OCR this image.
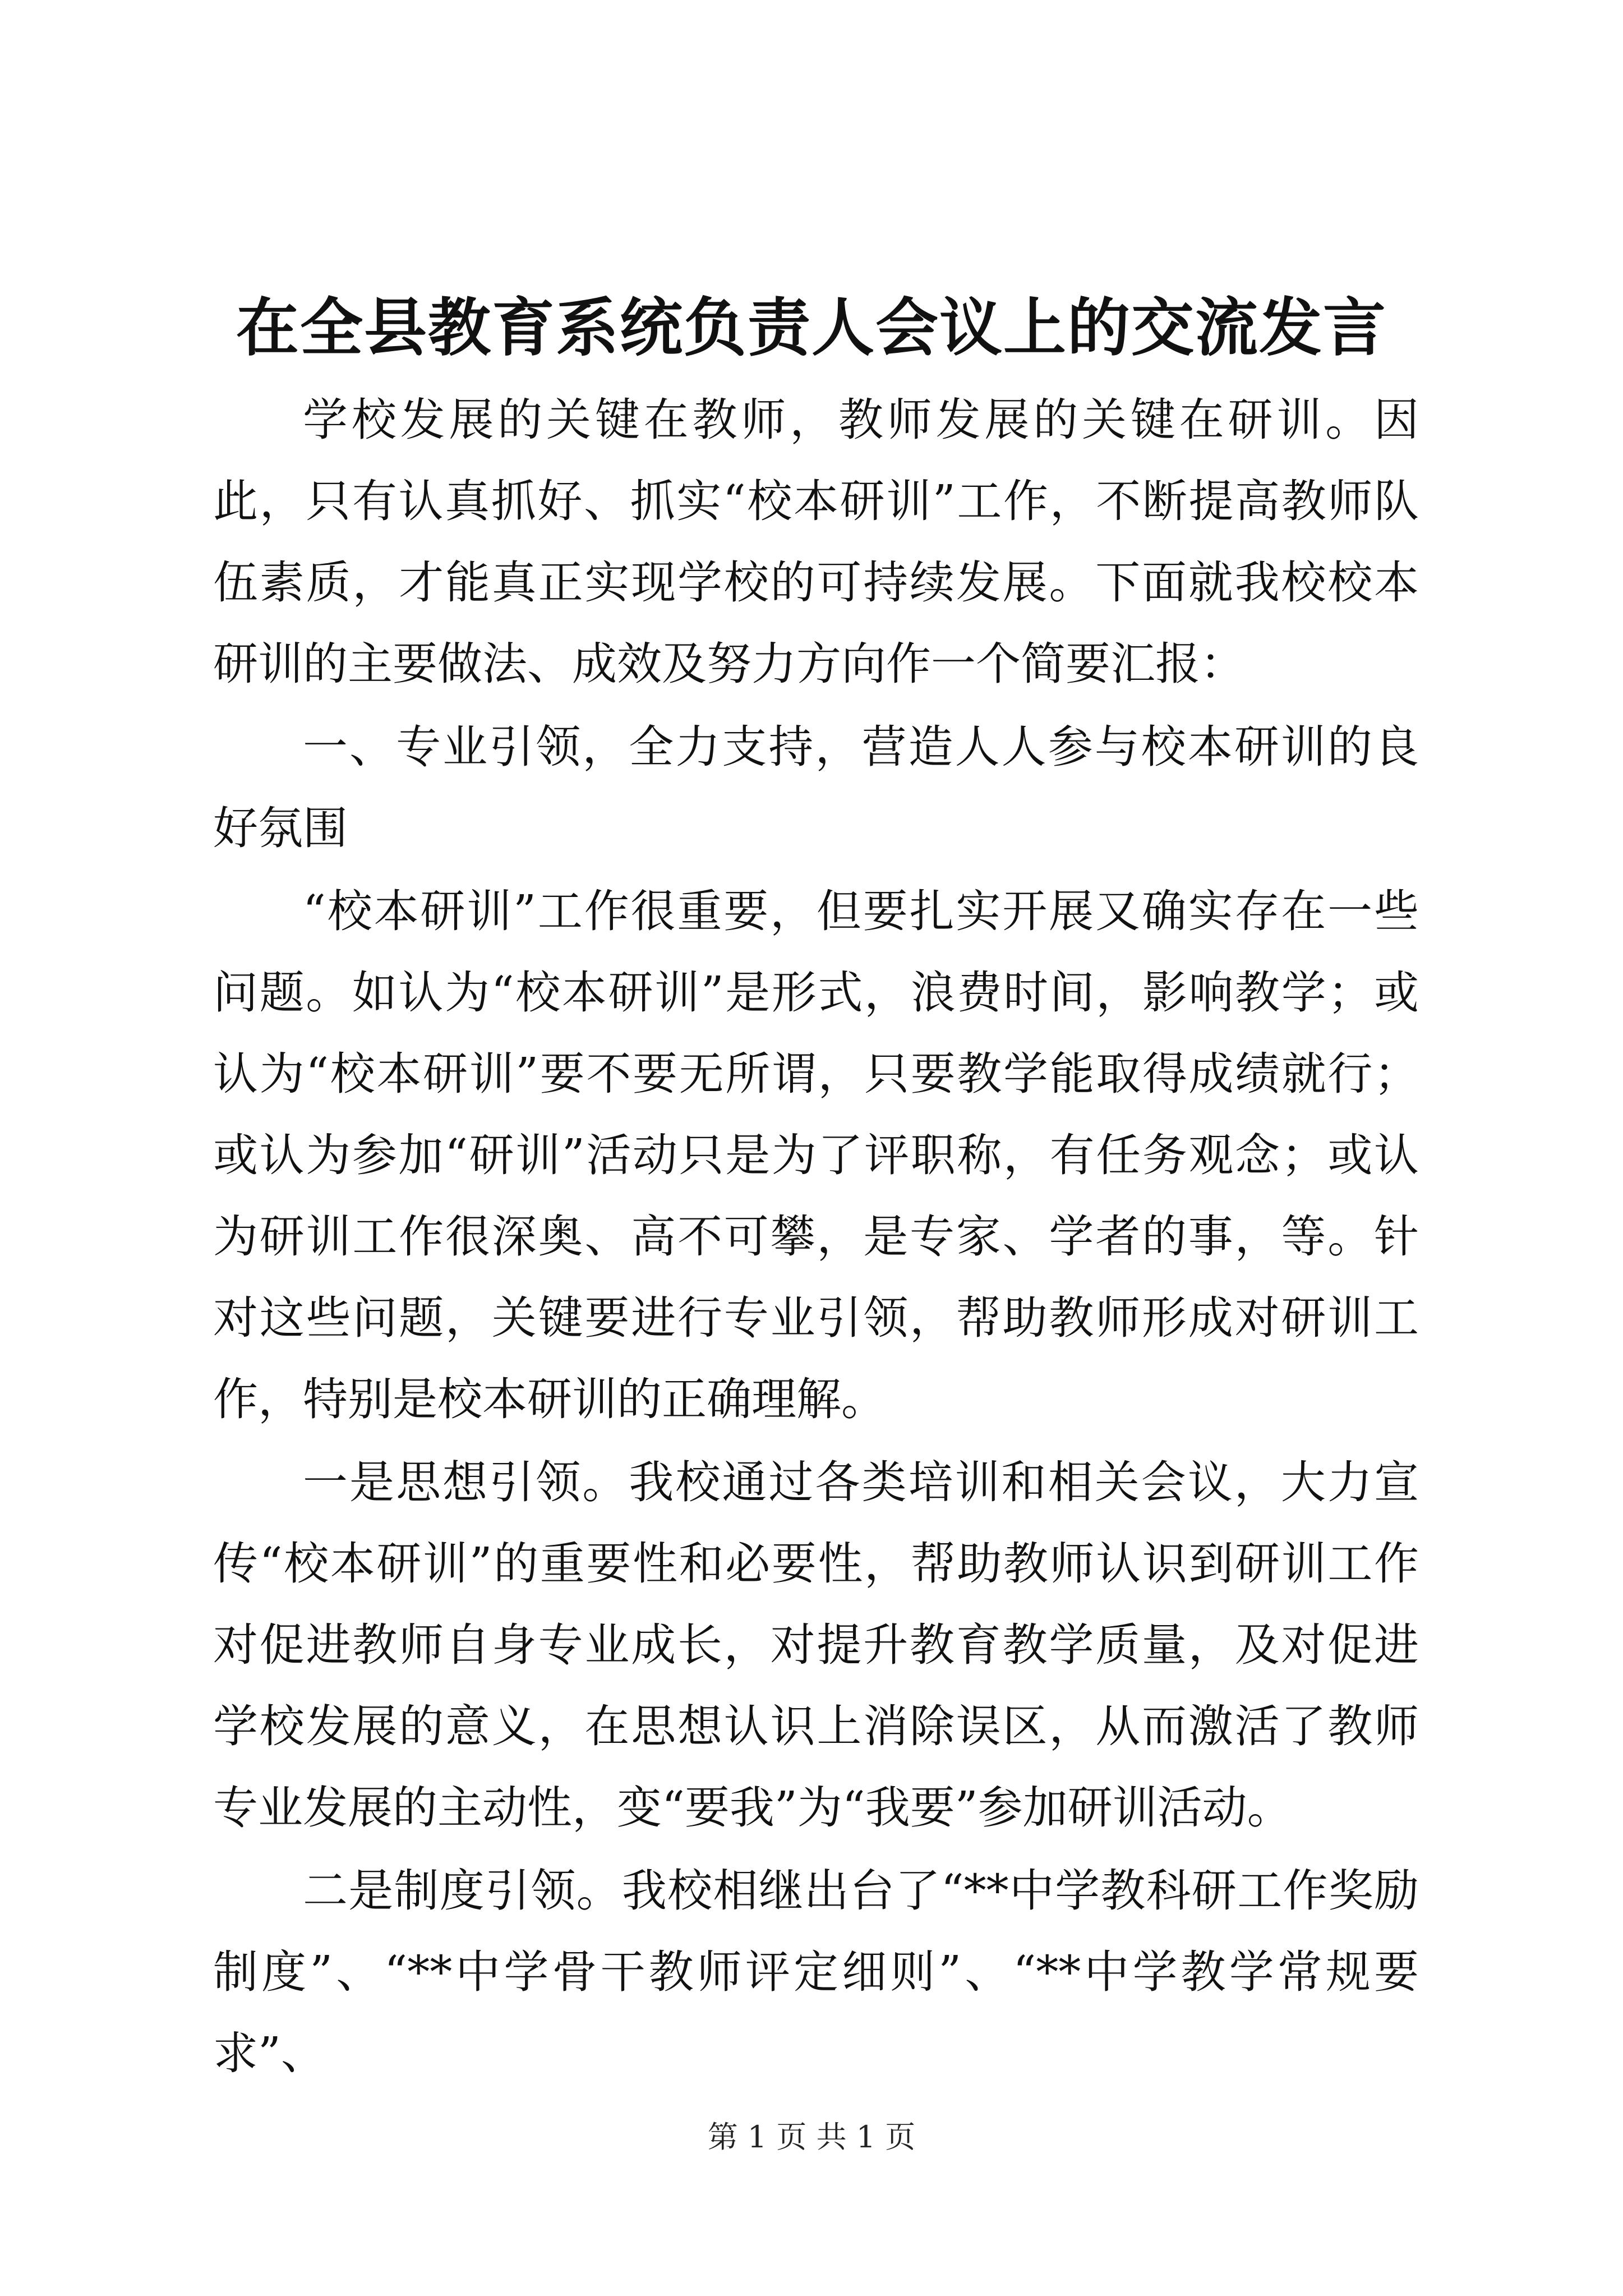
在全县教育系统负责人会议上的交流发言

学校发展的关键在教师，教师发展的关键在研训。因此，只有认真抓好、抓实“校本研训”工作，不断提高教师队伍素质，才能真正实现学校的可持续发展。下面就我校校本研训的主要做法、成效及努力方向作一个简要汇报：

一、专业引领，全力支持，营造人人参与校本研训的良好氛围

“校本研训”工作很重要，但要扎实开展又确实存在一些问题。如认为“校本研训”是形式，浪费时间，影响教学；或认为“校本研训”要不要无所谓，只要教学能取得成绩就行；或认为参加“研训”活动只是为了评职称，有任务观念；或认为研训工作很深奥、高不可攀，是专家、学者的事，等。针对这些问题，关键要进行专业引领，帮助教师形成对研训工作，特别是校本研训的正确理解。

一是思想引领。我校通过各类培训和相关会议，大力宣传“校本研训”的重要性和必要性，帮助教师认识到研训工作对促进教师自身专业成长，对提升教育教学质量，及对促进学校发展的意义，在思想认识上消除误区，从而激活了教师专业发展的主动性，变“要我”为“我要”参加研训活动。

二是制度引领。我校相继出台了“**中学教科研工作奖励制度”、“**中学骨干教师评定细则”、“**中学教学常规要求”、

第 1 页 共 1 页
